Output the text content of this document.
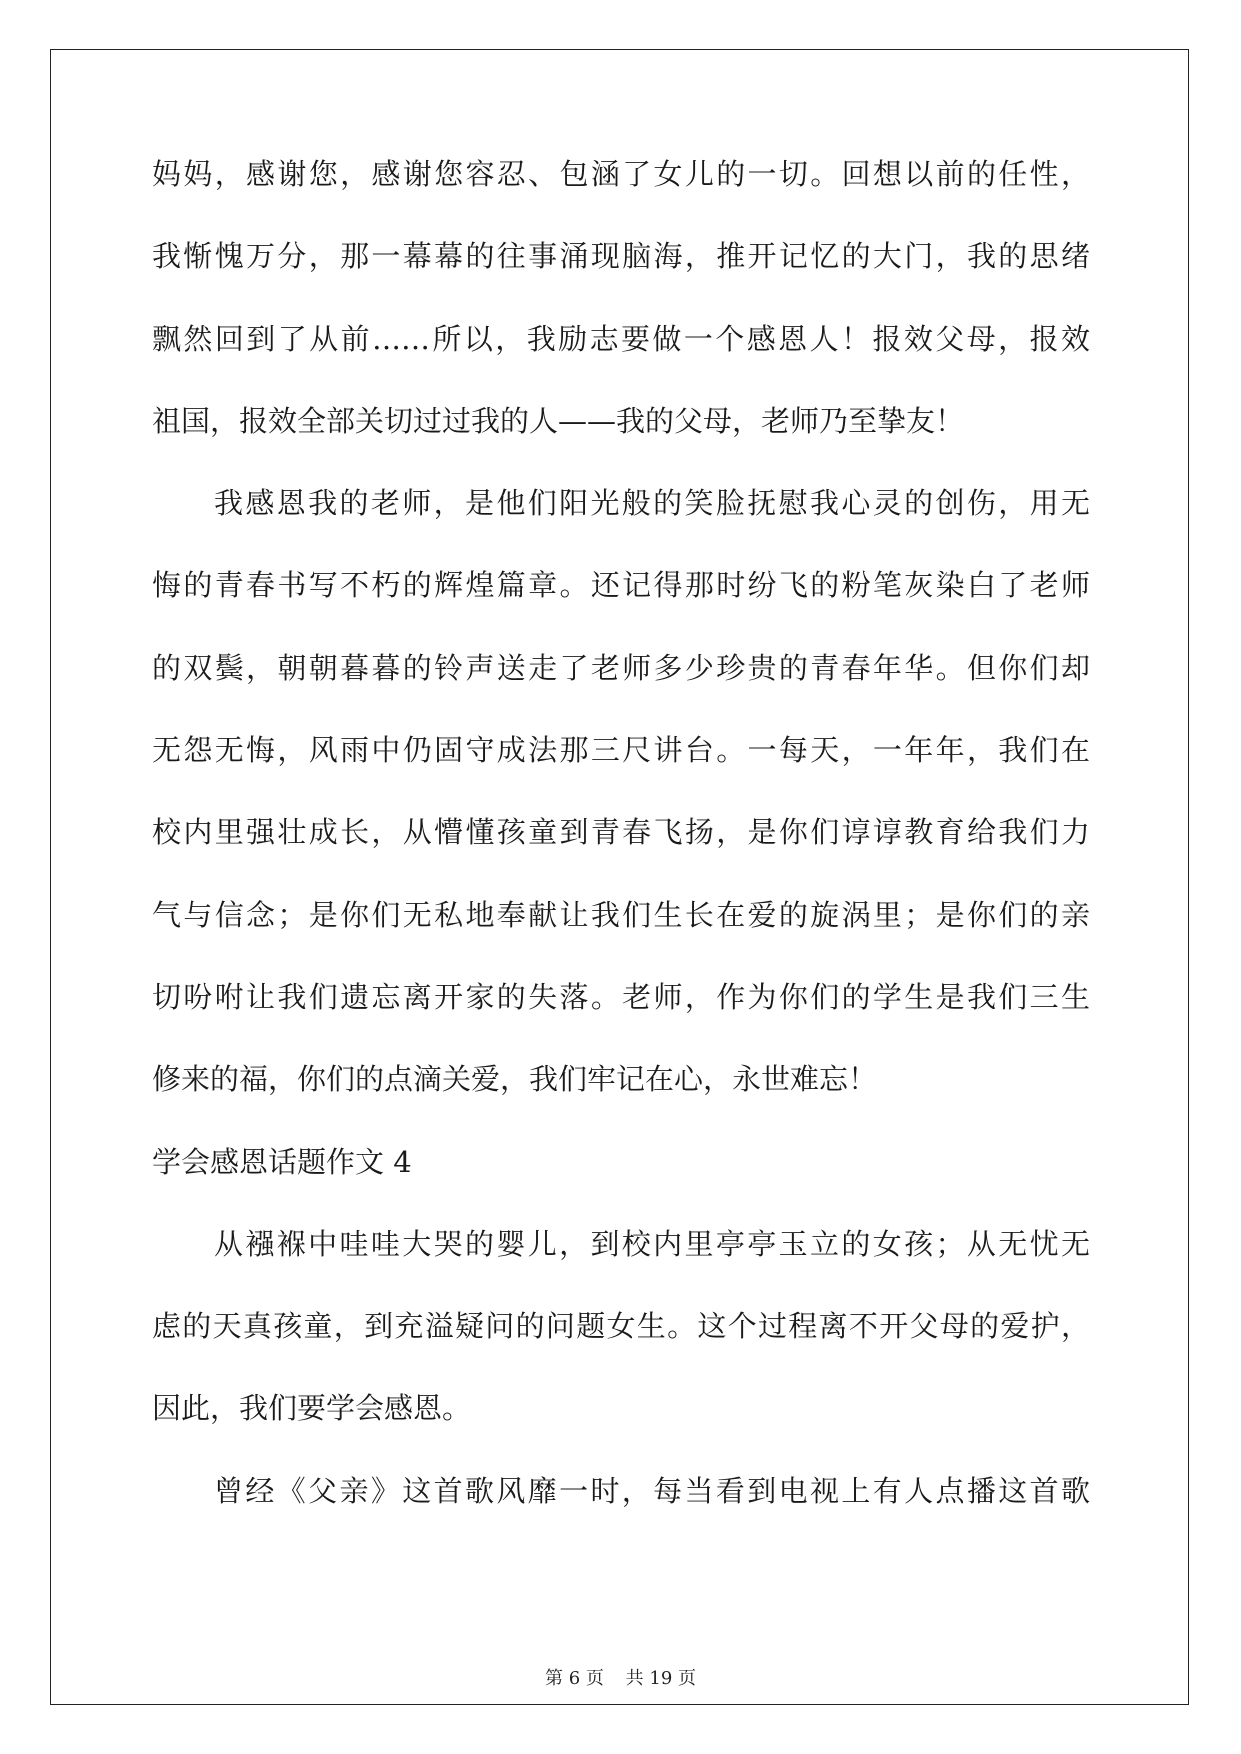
妈妈，感谢您，感谢您容忍、包涵了女儿的一切。回想以前的任性，
我惭愧万分，那一幕幕的往事涌现脑海，推开记忆的大门，我的思绪
飘然回到了从前……所以，我励志要做一个感恩人！报效父母，报效
祖国，报效全部关切过过我的人——我的父母，老师乃至挚友！
我感恩我的老师，是他们阳光般的笑脸抚慰我心灵的创伤，用无
悔的青春书写不朽的辉煌篇章。还记得那时纷飞的粉笔灰染白了老师
的双鬓，朝朝暮暮的铃声送走了老师多少珍贵的青春年华。但你们却
无怨无悔，风雨中仍固守成法那三尺讲台。一每天，一年年，我们在
校内里强壮成长，从懵懂孩童到青春飞扬，是你们谆谆教育给我们力
气与信念；是你们无私地奉献让我们生长在爱的旋涡里；是你们的亲
切吩咐让我们遗忘离开家的失落。老师，作为你们的学生是我们三生
修来的福，你们的点滴关爱，我们牢记在心，永世难忘！
学会感恩话题作文 4
从襁褓中哇哇大哭的婴儿，到校内里亭亭玉立的女孩；从无忧无
虑的天真孩童，到充溢疑问的问题女生。这个过程离不开父母的爱护，
因此，我们要学会感恩。
曾经《父亲》这首歌风靡一时，每当看到电视上有人点播这首歌
第 6 页 共 19 页
